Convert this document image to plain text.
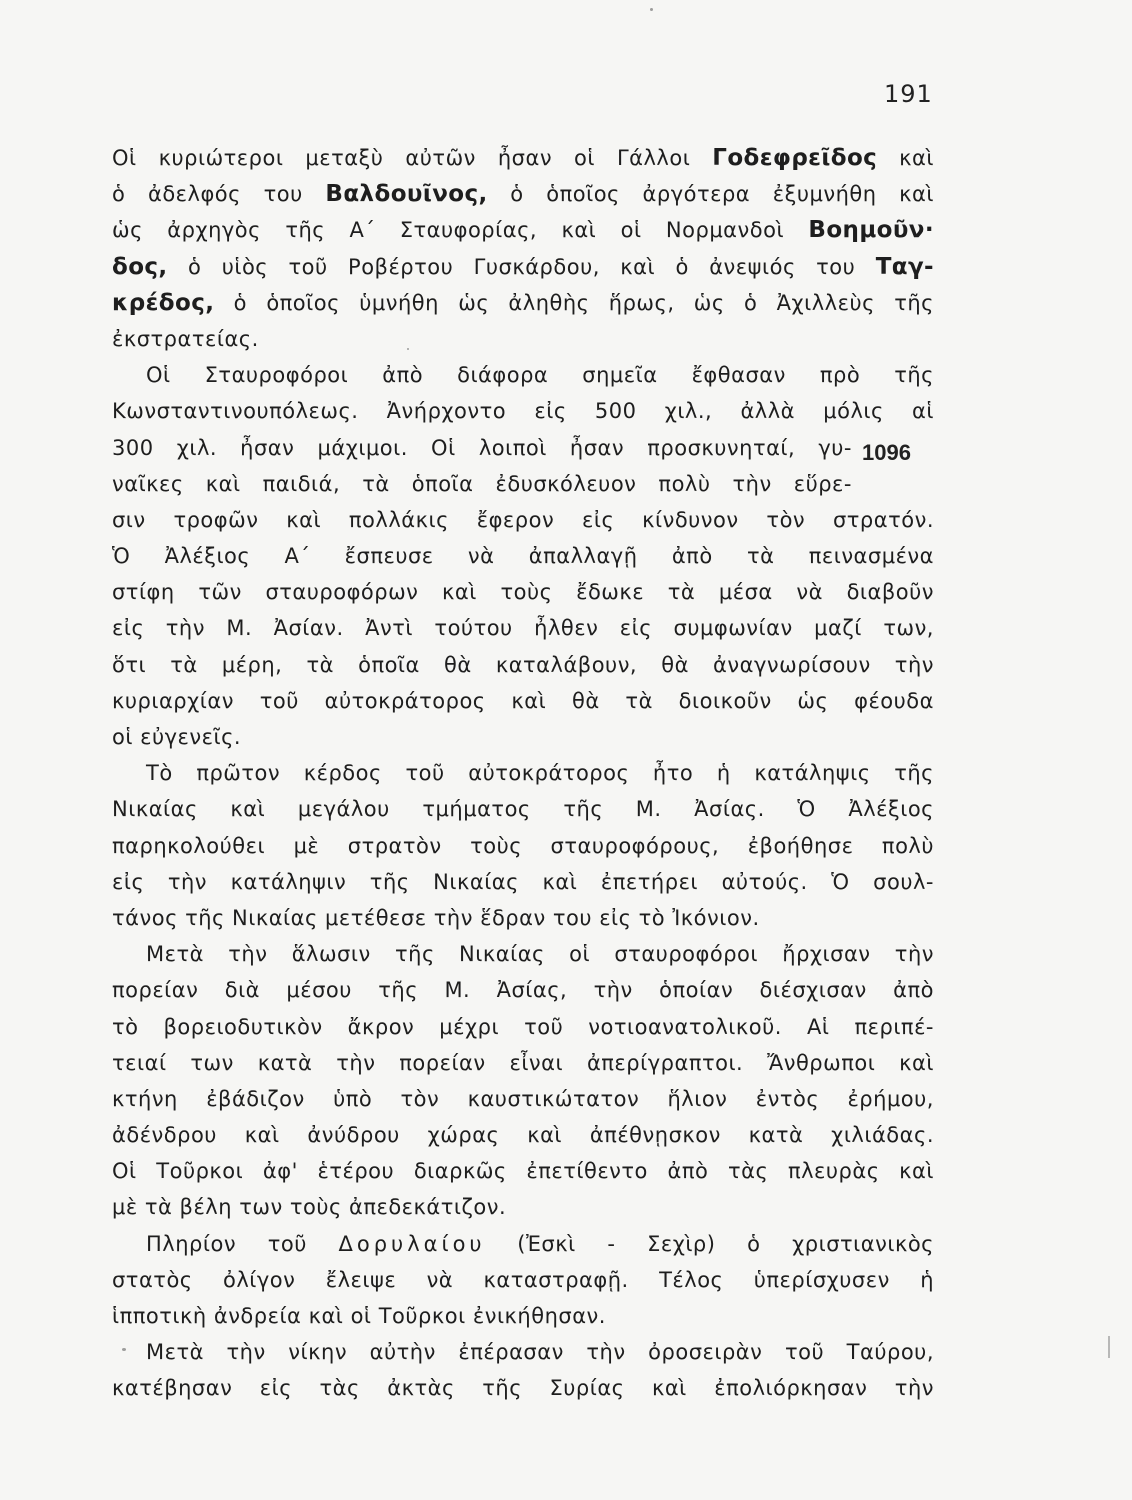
191
1096
Οἱ κυριώτεροι μεταξὺ αὐτῶν ἦσαν οἱ Γάλλοι Γοδεφρεῖδος καὶ
ὁ ἀδελφός του Βαλδουῖνος, ὁ ὁποῖος ἀργότερα ἐξυμνήθη καὶ
ὡς ἀρχηγὸς τῆς Α΄ Σταυφορίας, καὶ οἱ Νορμανδοὶ Βοημοῦν·
δος, ὁ υἱὸς τοῦ Ροβέρτου Γυσκάρδου, καὶ ὁ ἀνεψιός του Ταγ-
κρέδος, ὁ ὁποῖος ὑμνήθη ὡς ἀληθὴς ἥρως, ὡς ὁ Ἀχιλλεὺς τῆς
ἐκστρατείας.
Οἱ Σταυροφόροι ἀπὸ διάφορα σημεῖα ἔφθασαν πρὸ τῆς
Κωνσταντινουπόλεως. Ἀνήρχοντο εἰς 500 χιλ., ἀλλὰ μόλις αἱ
300 χιλ. ἦσαν μάχιμοι. Οἱ λοιποὶ ἦσαν προσκυνηταί, γυ-
ναῖκες καὶ παιδιά, τὰ ὁποῖα ἐδυσκόλευον πολὺ τὴν εὕρε-
σιν τροφῶν καὶ πολλάκις ἔφερον εἰς κίνδυνον τὸν στρατόν.
Ὁ Ἀλέξιος Α΄ ἔσπευσε νὰ ἀπαλλαγῇ ἀπὸ τὰ πεινασμένα
στίφη τῶν σταυροφόρων καὶ τοὺς ἔδωκε τὰ μέσα νὰ διαβοῦν
εἰς τὴν Μ. Ἀσίαν. Ἀντὶ τούτου ἦλθεν εἰς συμφωνίαν μαζί των,
ὅτι τὰ μέρη, τὰ ὁποῖα θὰ καταλάβουν, θὰ ἀναγνωρίσουν τὴν
κυριαρχίαν τοῦ αὐτοκράτορος καὶ θὰ τὰ διοικοῦν ὡς φέουδα
οἱ εὐγενεῖς.
Τὸ πρῶτον κέρδος τοῦ αὐτοκράτορος ἦτο ἡ κατάληψις τῆς
Νικαίας καὶ μεγάλου τμήματος τῆς Μ. Ἀσίας. Ὁ Ἀλέξιος
παρηκολούθει μὲ στρατὸν τοὺς σταυροφόρους, ἐβοήθησε πολὺ
εἰς τὴν κατάληψιν τῆς Νικαίας καὶ ἐπετήρει αὐτούς. Ὁ σουλ-
τάνος τῆς Νικαίας μετέθεσε τὴν ἕδραν του εἰς τὸ Ἰκόνιον.
Μετὰ τὴν ἅλωσιν τῆς Νικαίας οἱ σταυροφόροι ἤρχισαν τὴν
πορείαν διὰ μέσου τῆς Μ. Ἀσίας, τὴν ὁποίαν διέσχισαν ἀπὸ
τὸ βορειοδυτικὸν ἄκρον μέχρι τοῦ νοτιοανατολικοῦ. Αἱ περιπέ-
τειαί των κατὰ τὴν πορείαν εἶναι ἀπερίγραπτοι. Ἄνθρωποι καὶ
κτήνη ἐβάδιζον ὑπὸ τὸν καυστικώτατον ἥλιον ἐντὸς ἐρήμου,
ἀδένδρου καὶ ἀνύδρου χώρας καὶ ἀπέθνῃσκον κατὰ χιλιάδας.
Οἱ Τοῦρκοι ἀφ' ἑτέρου διαρκῶς ἐπετίθεντο ἀπὸ τὰς πλευρὰς καὶ
μὲ τὰ βέλη των τοὺς ἀπεδεκάτιζον.
Πληρίον τοῦ Δορυλαίου (Ἐσκὶ - Σεχὶρ) ὁ χριστιανικὸς
στατὸς ὀλίγον ἔλειψε νὰ καταστραφῇ. Τέλος ὑπερίσχυσεν ἡ
ἱπποτικὴ ἀνδρεία καὶ οἱ Τοῦρκοι ἐνικήθησαν.
Μετὰ τὴν νίκην αὐτὴν ἐπέρασαν τὴν ὀροσειρὰν τοῦ Ταύρου,
κατέβησαν εἰς τὰς ἀκτὰς τῆς Συρίας καὶ ἐπολιόρκησαν τὴν
